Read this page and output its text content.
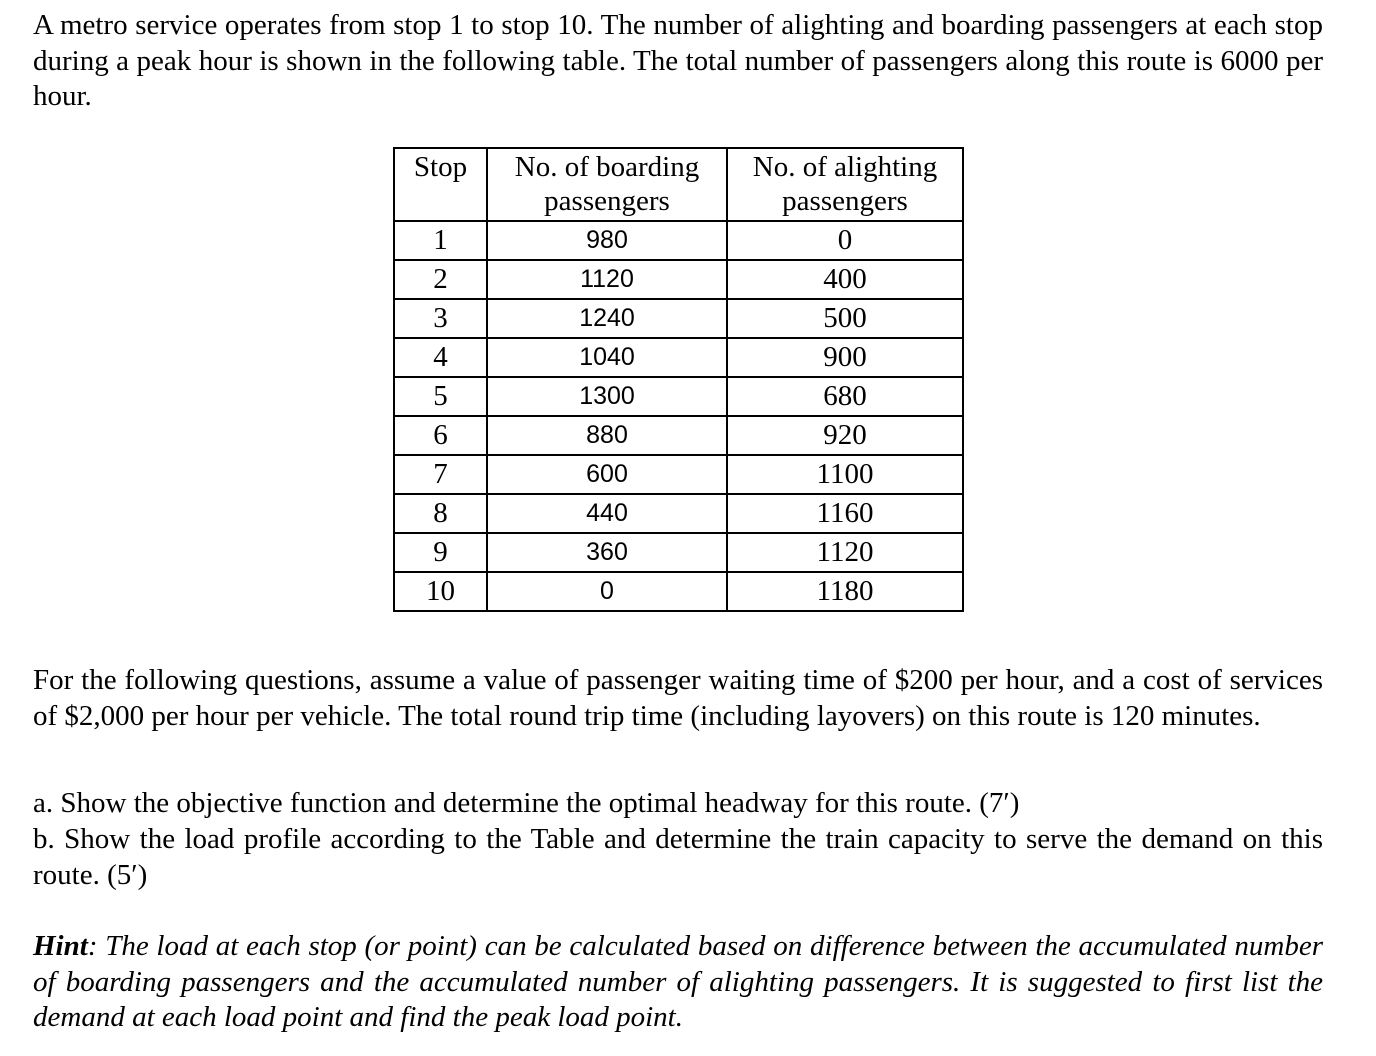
A metro service operates from stop 1 to stop 10. The number of alighting and boarding passengers at each stop during a peak hour is shown in the following table. The total number of passengers along this route is 6000 per hour.

Stop	No. of boarding passengers	No. of alighting passengers
1	980	0
2	1120	400
3	1240	500
4	1040	900
5	1300	680
6	880	920
7	600	1100
8	440	1160
9	360	1120
10	0	1180

For the following questions, assume a value of passenger waiting time of $200 per hour, and a cost of services of $2,000 per hour per vehicle. The total round trip time (including layovers) on this route is 120 minutes.

a. Show the objective function and determine the optimal headway for this route. (7′)

b. Show the load profile according to the Table and determine the train capacity to serve the demand on this route. (5′)

Hint: The load at each stop (or point) can be calculated based on difference between the accumulated number of boarding passengers and the accumulated number of alighting passengers. It is suggested to first list the demand at each load point and find the peak load point.
